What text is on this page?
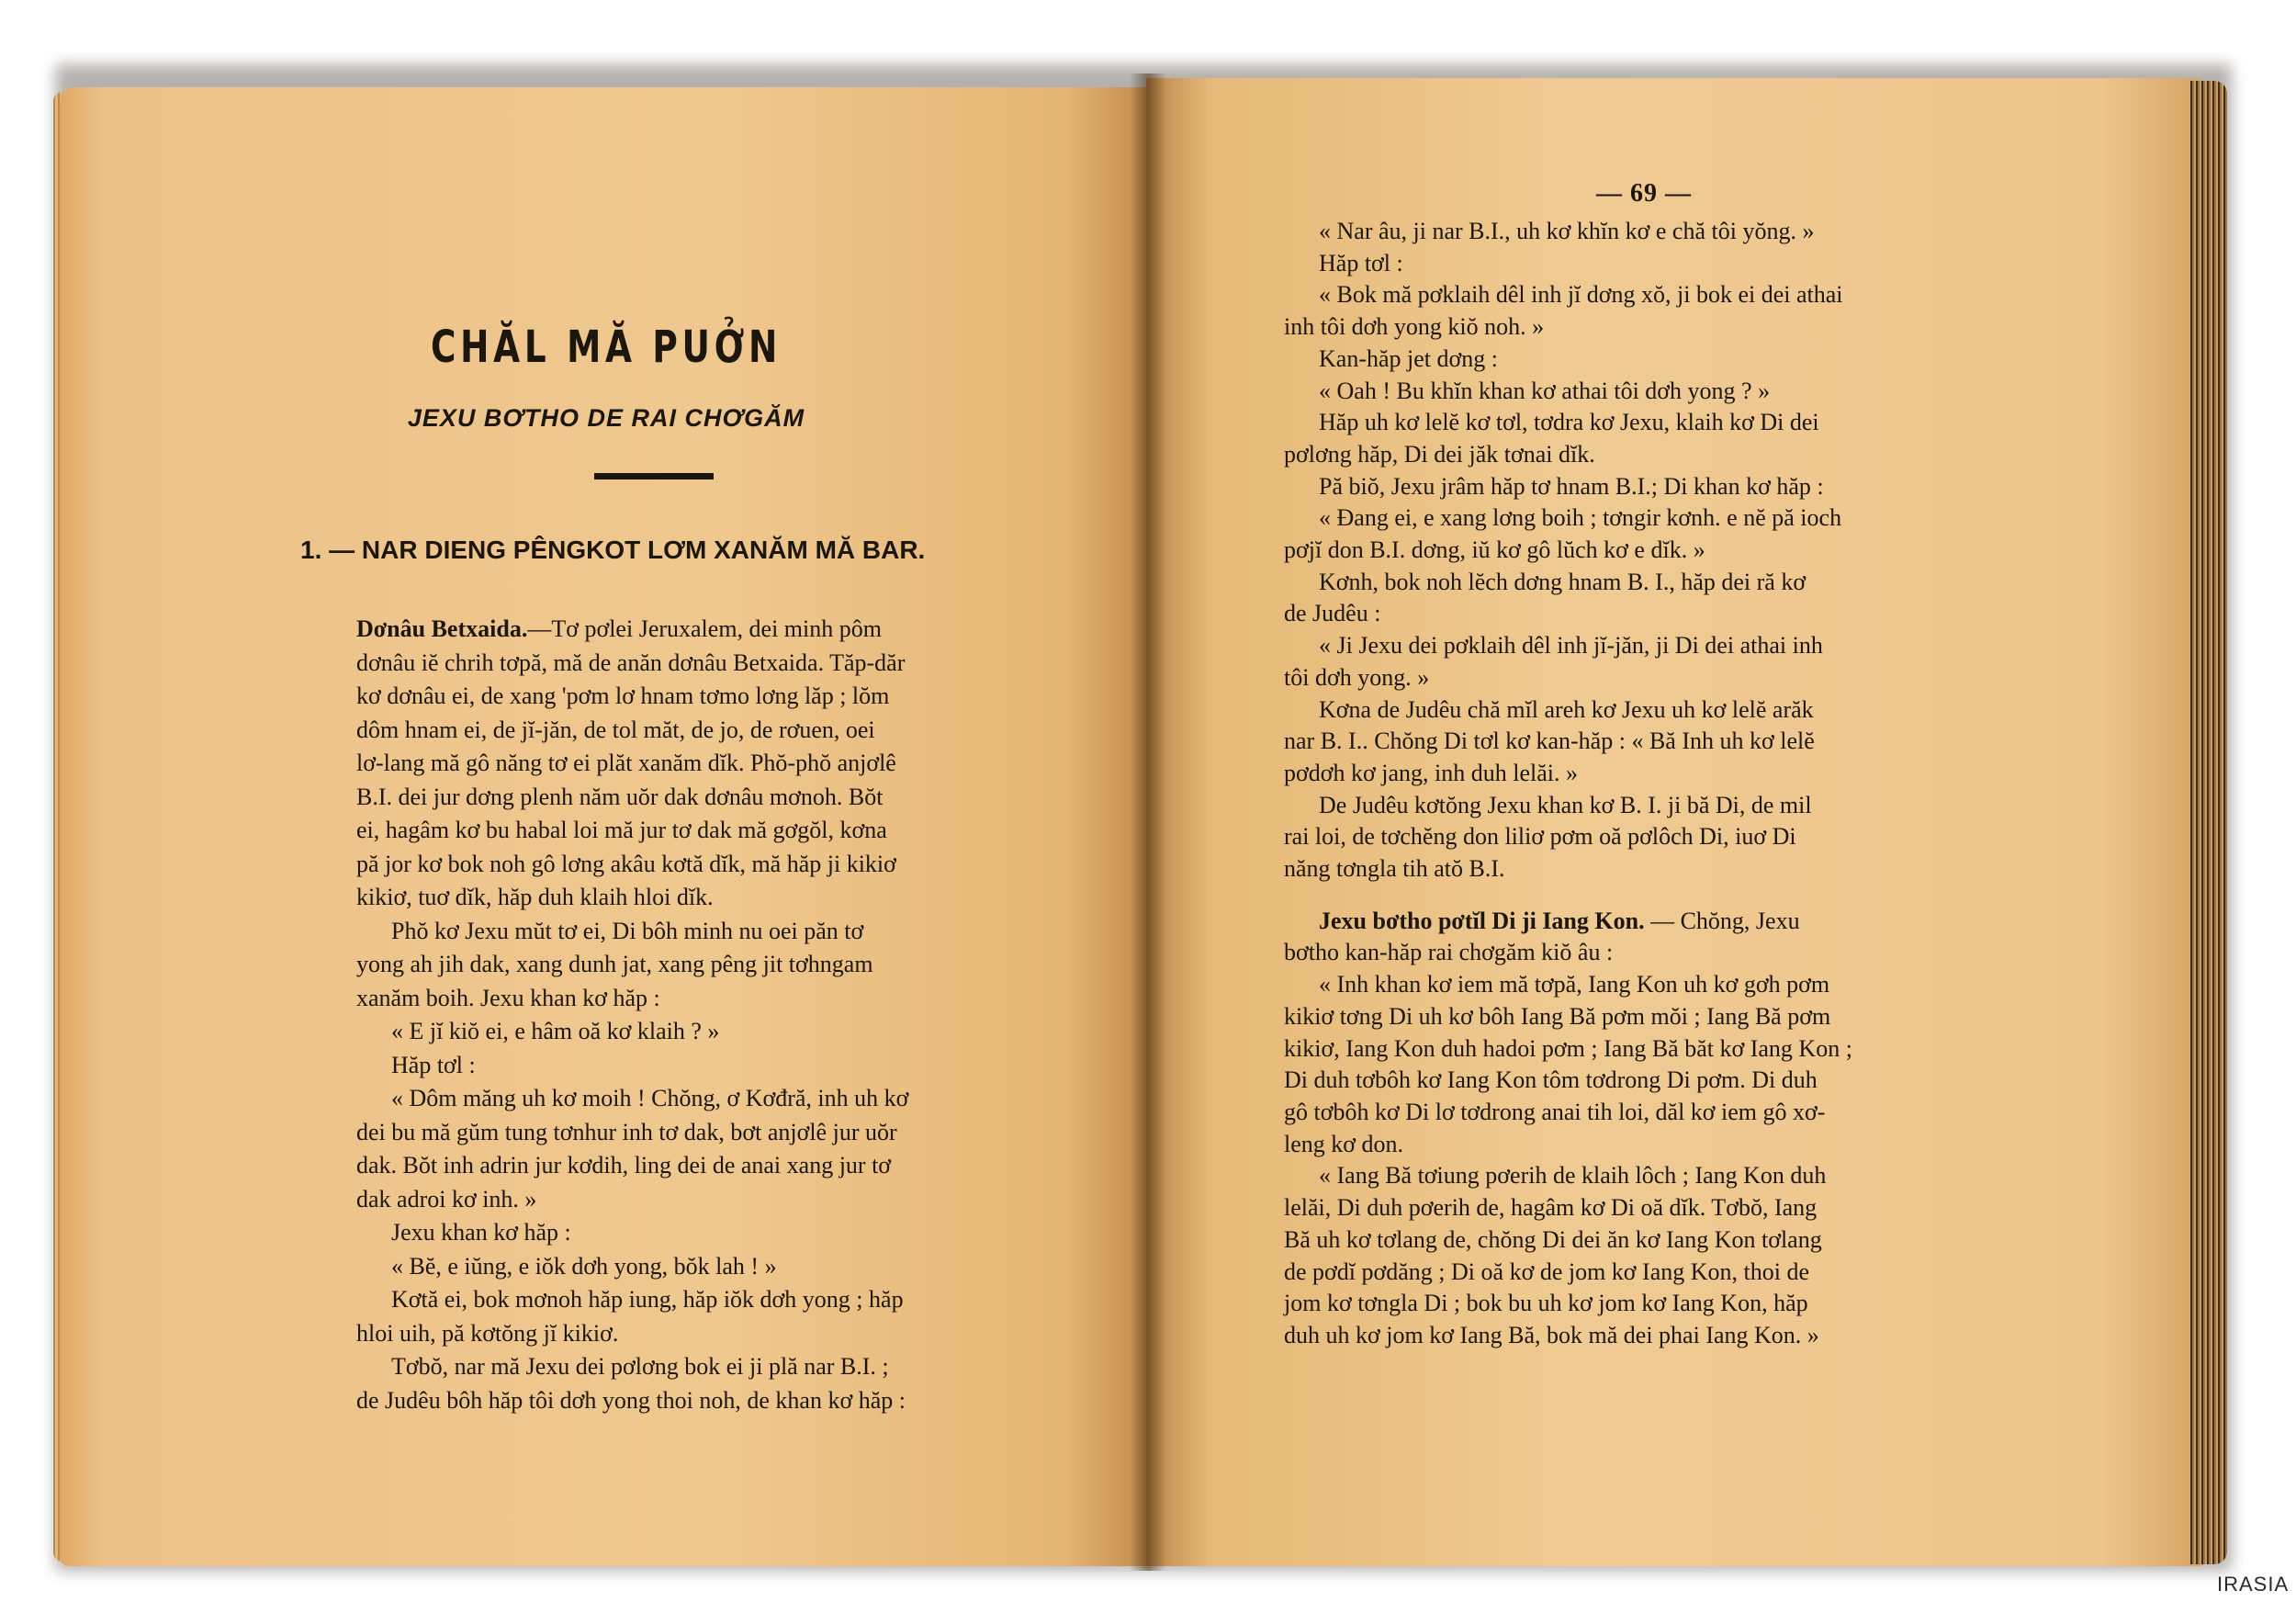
CHĂL MĂ PUỞN
JEXU BƠTHO DE RAI CHƠGĂM
1. — NAR DIENG PÊNGKOT LƠM XANĂM MĂ BAR.
Dơnâu Betxaida.—Tơ pơlei Jeruxalem, dei minh pôm
dơnâu iĕ chrih tơpă, mă de anăn dơnâu Betxaida. Tăp-dăr
kơ dơnâu ei, de xang 'pơm lơ hnam tơmo lơng lăp ; lŏm
dôm hnam ei, de jĭ-jăn, de tol măt, de jo, de rơuen, oei
lơ-lang mă gô năng tơ ei plăt xanăm dĭk. Phŏ-phŏ anjơlê
B.I. dei jur dơng plenh năm uŏr dak dơnâu mơnoh. Bŏt
ei, hagâm kơ bu habal loi mă jur tơ dak mă gơgŏl, kơna
pă jor kơ bok noh gô lơng akâu kơtă dĭk, mă hăp ji kikiơ
kikiơ, tuơ dĭk, hăp duh klaih hloi dĭk.
Phŏ kơ Jexu mŭt tơ ei, Di bôh minh nu oei păn tơ
yong ah jih dak, xang dunh jat, xang pêng jit tơhngam
xanăm boih. Jexu khan kơ hăp :
« E jĭ kiŏ ei, e hâm oă kơ klaih ? »
Hăp tơl :
« Dôm măng uh kơ moih ! Chŏng, ơ Kơđră, inh uh kơ
dei bu mă gŭm tung tơnhur inh tơ dak, bơt anjơlê jur uŏr
dak. Bŏt inh adrin jur kơdih, ling dei de anai xang jur tơ
dak adroi kơ inh. »
Jexu khan kơ hăp :
« Bĕ, e iŭng, e iŏk dơh yong, bŏk lah ! »
Kơtă ei, bok mơnoh hăp iung, hăp iŏk dơh yong ; hăp
hloi uih, pă kơtŏng jĭ kikiơ.
Tơbŏ, nar mă Jexu dei pơlơng bok ei ji plă nar B.I. ;
de Judêu bôh hăp tôi dơh yong thoi noh, de khan kơ hăp :
— 69 —
« Nar âu, ji nar B.I., uh kơ khĭn kơ e chă tôi yŏng. »
Hăp tơl :
« Bok mă pơklaih dêl inh jĭ dơng xŏ, ji bok ei dei athai
inh tôi dơh yong kiŏ noh. »
Kan-hăp jet dơng :
« Oah ! Bu khĭn khan kơ athai tôi dơh yong ? »
Hăp uh kơ lelĕ kơ tơl, tơdra kơ Jexu, klaih kơ Di dei
pơlơng hăp, Di dei jăk tơnai dĭk.
Pă biŏ, Jexu jrâm hăp tơ hnam B.I.; Di khan kơ hăp :
« Đang ei, e xang lơng boih ; tơngir kơnh. e nĕ pă ioch
pơjĭ don B.I. dơng, iŭ kơ gô lŭch kơ e dĭk. »
Kơnh, bok noh lĕch dơng hnam B. I., hăp dei ră kơ
de Judêu :
« Ji Jexu dei pơklaih dêl inh jĭ-jăn, ji Di dei athai inh
tôi dơh yong. »
Kơna de Judêu chă mĭl areh kơ Jexu uh kơ lelĕ arăk
nar B. I.. Chŏng Di tơl kơ kan-hăp : « Bă Inh uh kơ lelĕ
pơdơh kơ jang, inh duh lelăi. »
De Judêu kơtŏng Jexu khan kơ B. I. ji bă Di, de mil
rai loi, de tơchĕng don liliơ pơm oă pơlôch Di, iuơ Di
năng tơngla tih atŏ B.I.
Jexu bơtho pơtĭl Di ji Iang Kon. — Chŏng, Jexu
bơtho kan-hăp rai chơgăm kiŏ âu :
« Inh khan kơ iem mă tơpă, Iang Kon uh kơ gơh pơm
kikiơ tơng Di uh kơ bôh Iang Bă pơm mŏi ; Iang Bă pơm
kikiơ, Iang Kon duh hadoi pơm ; Iang Bă băt kơ Iang Kon ;
Di duh tơbôh kơ Iang Kon tôm tơdrong Di pơm. Di duh
gô tơbôh kơ Di lơ tơdrong anai tih loi, dăl kơ iem gô xơ-
leng kơ don.
« Iang Bă tơiung pơerih de klaih lôch ; Iang Kon duh
lelăi, Di duh pơerih de, hagâm kơ Di oă dĭk. Tơbŏ, Iang
Bă uh kơ tơlang de, chŏng Di dei ăn kơ Iang Kon tơlang
de pơdĭ pơdăng ; Di oă kơ de jom kơ Iang Kon, thoi de
jom kơ tơngla Di ; bok bu uh kơ jom kơ Iang Kon, hăp
duh uh kơ jom kơ Iang Bă, bok mă dei phai Iang Kon. »
IRASIA
